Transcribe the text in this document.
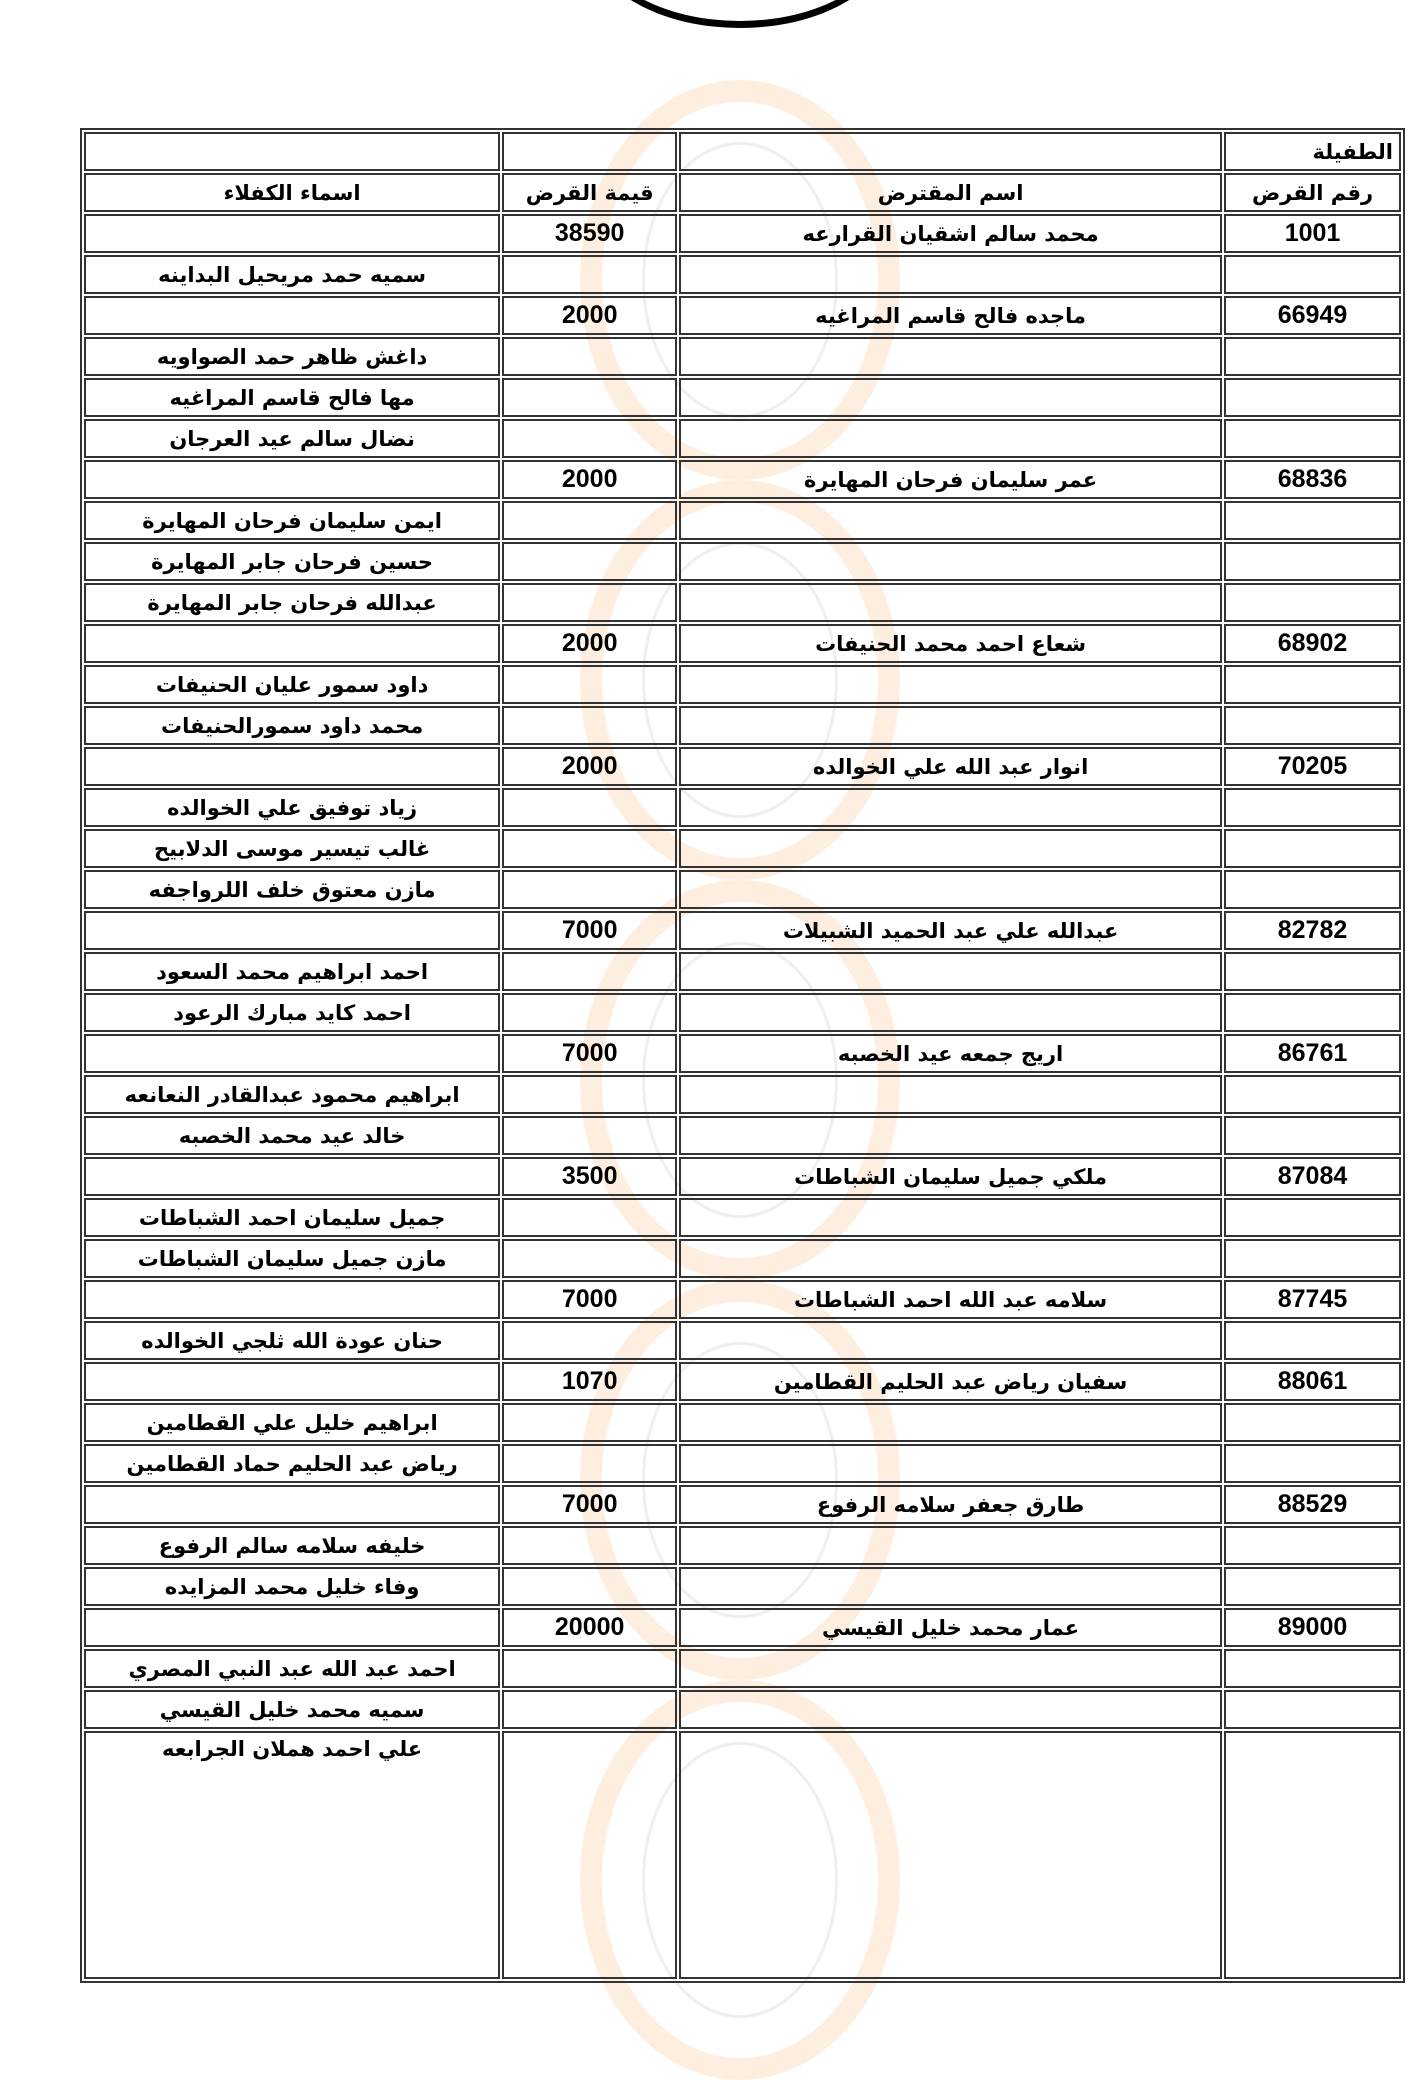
			الطفيلة
اسماء الكفلاء	قيمة القرض	اسم المقترض	رقم القرض
	38590	محمد سالم اشقيان القرارعه	1001
سميه حمد مريحيل البداينه			
	2000	ماجده فالح قاسم المراغيه	66949
داغش ظاهر حمد الصواويه			
مها فالح قاسم المراغيه			
نضال سالم عيد العرجان			
	2000	عمر سليمان فرحان المهايرة	68836
ايمن سليمان فرحان المهايرة			
حسين فرحان جابر المهايرة			
عبدالله فرحان جابر المهايرة			
	2000	شعاع احمد محمد الحنيفات	68902
داود سمور عليان الحنيفات			
محمد داود سمورالحنيفات			
	2000	انوار عبد الله علي الخوالده	70205
زياد توفيق علي الخوالده			
غالب تيسير موسى الدلابيح			
مازن معتوق خلف اللرواجفه			
	7000	عبدالله علي عبد الحميد الشبيلات	82782
احمد ابراهيم محمد السعود			
احمد كايد مبارك الرعود			
	7000	اريج جمعه عيد الخصبه	86761
ابراهيم محمود عبدالقادر النعانعه			
خالد عيد محمد الخصبه			
	3500	ملكي جميل سليمان الشباطات	87084
جميل سليمان احمد الشباطات			
مازن جميل سليمان الشباطات			
	7000	سلامه عبد الله احمد الشباطات	87745
حنان عودة الله ثلجي الخوالده			
	1070	سفيان رياض عبد الحليم القطامين	88061
ابراهيم خليل علي القطامين			
رياض عبد الحليم حماد القطامين			
	7000	طارق جعفر سلامه الرفوع	88529
خليفه سلامه سالم الرفوع			
وفاء خليل محمد المزايده			
	20000	عمار محمد خليل القيسي	89000
احمد عبد الله عبد النبي المصري			
سميه محمد خليل القيسي			
علي احمد هملان الجرابعه			
